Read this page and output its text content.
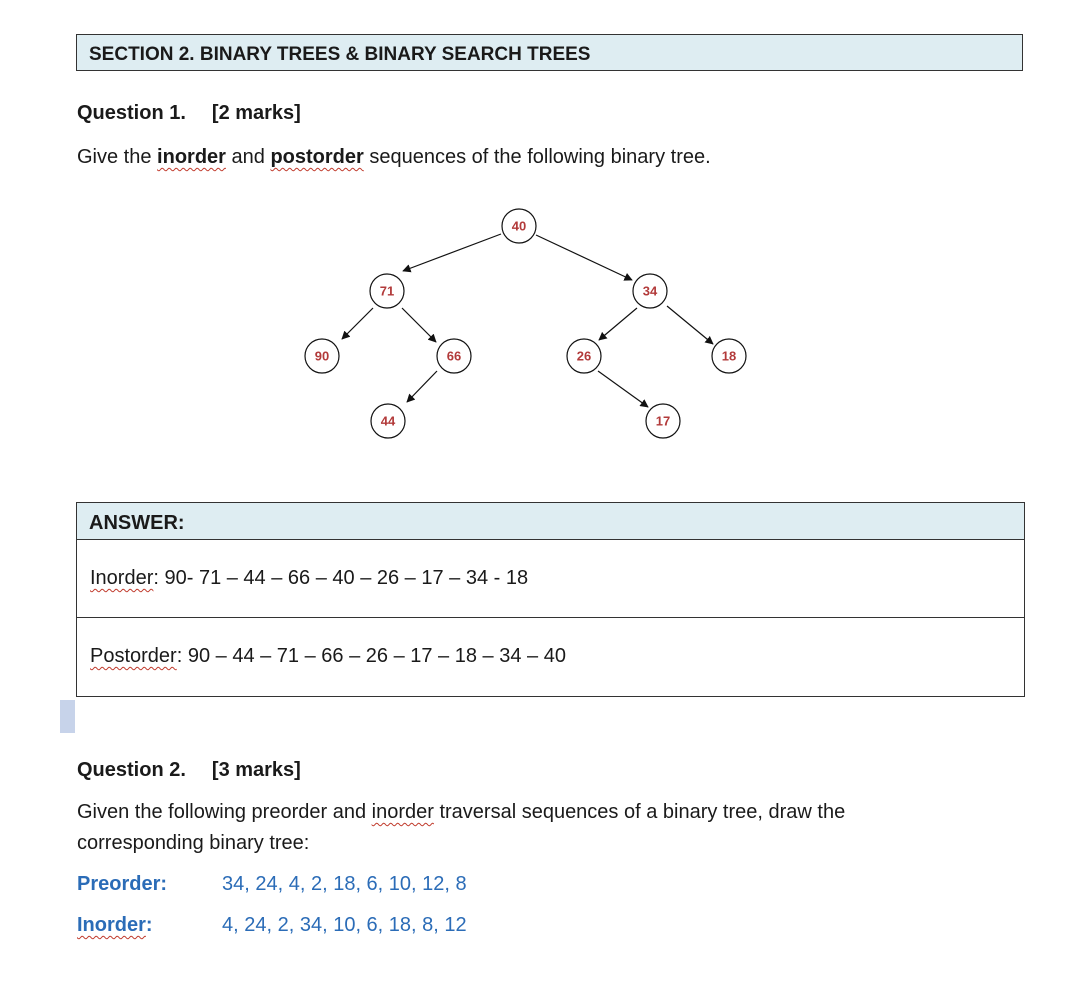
SECTION 2. BINARY TREES & BINARY SEARCH TREES
Question 1. [2 marks]
Give the inorder and postorder sequences of the following binary tree.
40
71	34
90	66	26	18
44	17
ANSWER:
Inorder: 90- 71 – 44 – 66 – 40 – 26 – 17 – 34 - 18
Postorder: 90 – 44 – 71 – 66 – 26 – 17 – 18 – 34 – 40
Question 2. [3 marks]
Given the following preorder and inorder traversal sequences of a binary tree, draw the
corresponding binary tree:
Preorder:	34, 24, 4, 2, 18, 6, 10, 12, 8
Inorder:	4, 24, 2, 34, 10, 6, 18, 8, 12
